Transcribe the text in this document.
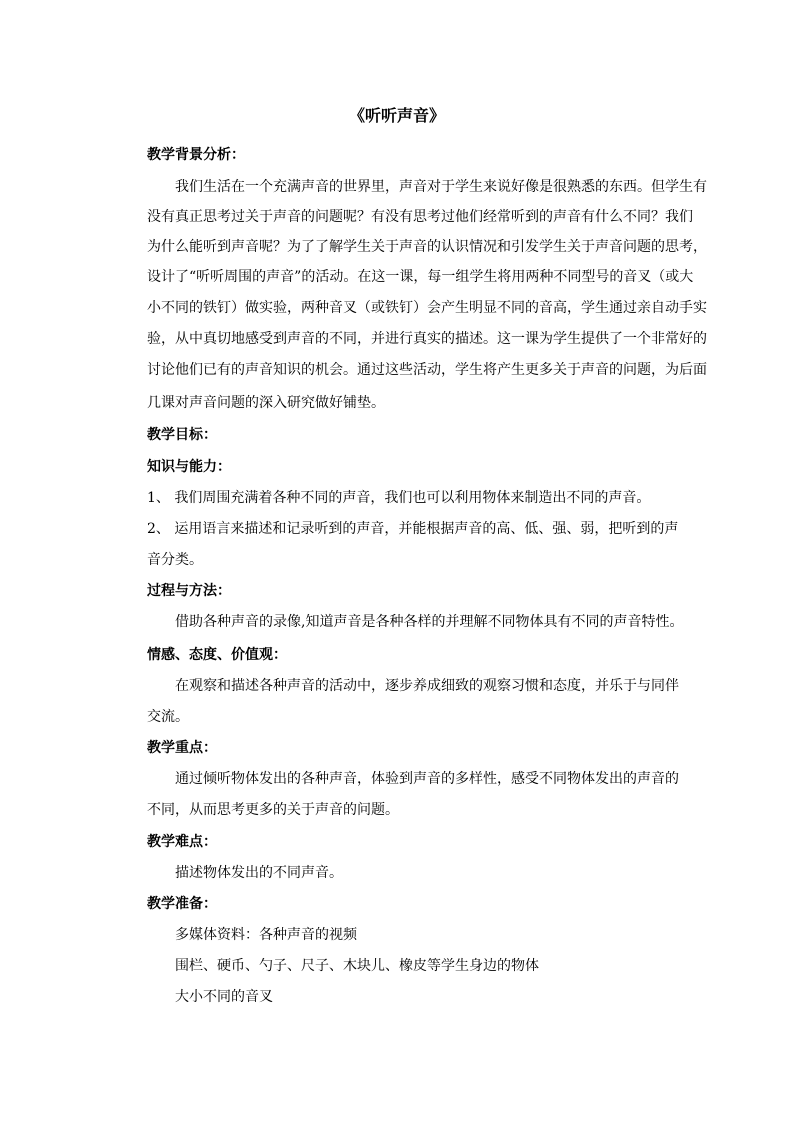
《听听声音》
教学背景分析：
我们生活在一个充满声音的世界里，声音对于学生来说好像是很熟悉的东西。但学生有
没有真正思考过关于声音的问题呢？有没有思考过他们经常听到的声音有什么不同？我们
为什么能听到声音呢？为了了解学生关于声音的认识情况和引发学生关于声音问题的思考，
设计了“听听周围的声音”的活动。在这一课，每一组学生将用两种不同型号的音叉（或大
小不同的铁钉）做实验，两种音叉（或铁钉）会产生明显不同的音高，学生通过亲自动手实
验，从中真切地感受到声音的不同，并进行真实的描述。这一课为学生提供了一个非常好的
讨论他们已有的声音知识的机会。通过这些活动，学生将产生更多关于声音的问题，为后面
几课对声音问题的深入研究做好铺垫。
教学目标：
知识与能力：
1、 我们周围充满着各种不同的声音，我们也可以利用物体来制造出不同的声音。
2、 运用语言来描述和记录听到的声音，并能根据声音的高、低、强、弱，把听到的声
音分类。
过程与方法：
借助各种声音的录像,知道声音是各种各样的并理解不同物体具有不同的声音特性。
情感、态度、价值观：
在观察和描述各种声音的活动中，逐步养成细致的观察习惯和态度，并乐于与同伴
交流。
教学重点：
通过倾听物体发出的各种声音，体验到声音的多样性，感受不同物体发出的声音的
不同，从而思考更多的关于声音的问题。
教学难点：
描述物体发出的不同声音。
教学准备：
多媒体资料：各种声音的视频
围栏、硬币、勺子、尺子、木块儿、橡皮等学生身边的物体
大小不同的音叉
